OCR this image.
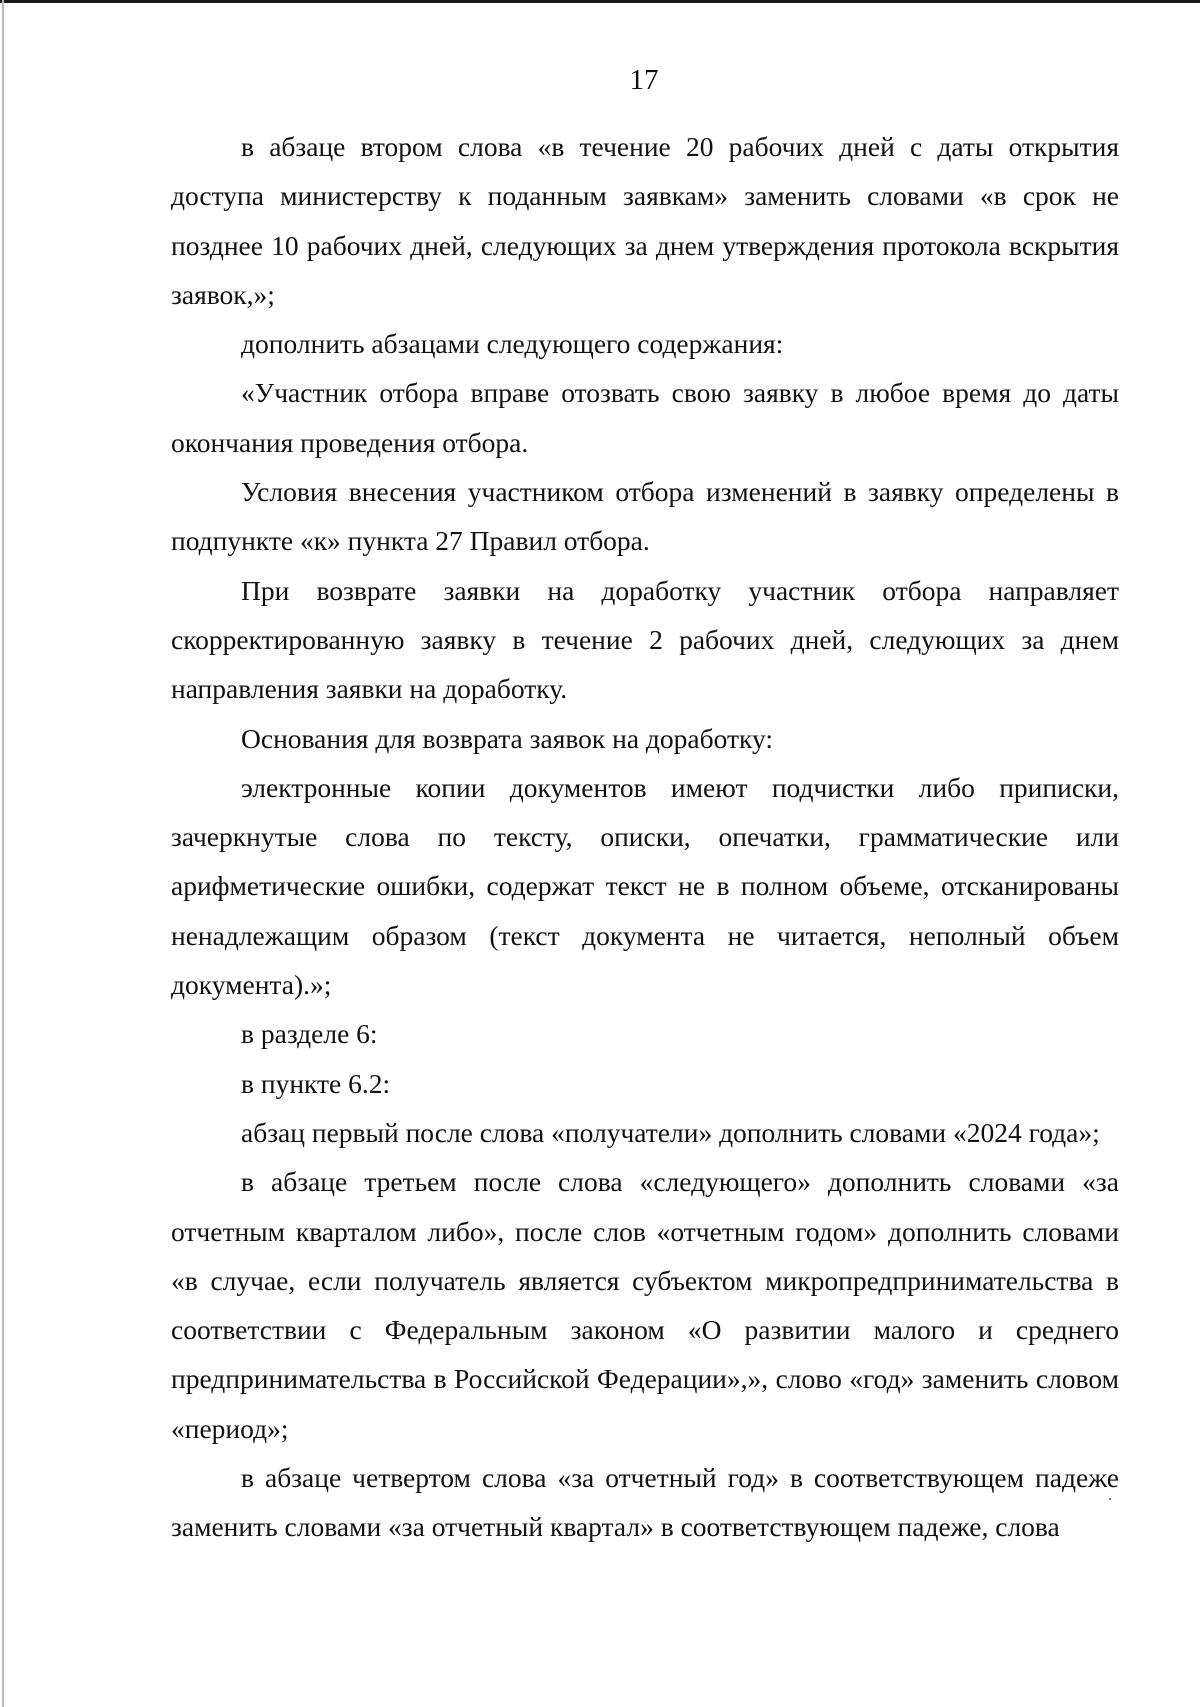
17

в абзаце втором слова «в течение 20 рабочих дней с даты открытия доступа министерству к поданным заявкам» заменить словами «в срок не позднее 10 рабочих дней, следующих за днем утверждения протокола вскрытия заявок,»;

дополнить абзацами следующего содержания:

«Участник отбора вправе отозвать свою заявку в любое время до даты окончания проведения отбора.

Условия внесения участником отбора изменений в заявку определены в подпункте «к» пункта 27 Правил отбора.

При возврате заявки на доработку участник отбора направляет скорректированную заявку в течение 2 рабочих дней, следующих за днем направления заявки на доработку.

Основания для возврата заявок на доработку:

электронные копии документов имеют подчистки либо приписки, зачеркнутые слова по тексту, описки, опечатки, грамматические или арифметические ошибки, содержат текст не в полном объеме, отсканированы ненадлежащим образом (текст документа не читается, неполный объем документа).»;

в разделе 6:

в пункте 6.2:

абзац первый после слова «получатели» дополнить словами «2024 года»;

в абзаце третьем после слова «следующего» дополнить словами «за отчетным кварталом либо», после слов «отчетным годом» дополнить словами «в случае, если получатель является субъектом микропредпринимательства в соответствии с Федеральным законом «О развитии малого и среднего предпринимательства в Российской Федерации»,», слово «год» заменить словом «период»;

в абзаце четвертом слова «за отчетный год» в соответствующем падеже заменить словами «за отчетный квартал» в соответствующем падеже, слова
